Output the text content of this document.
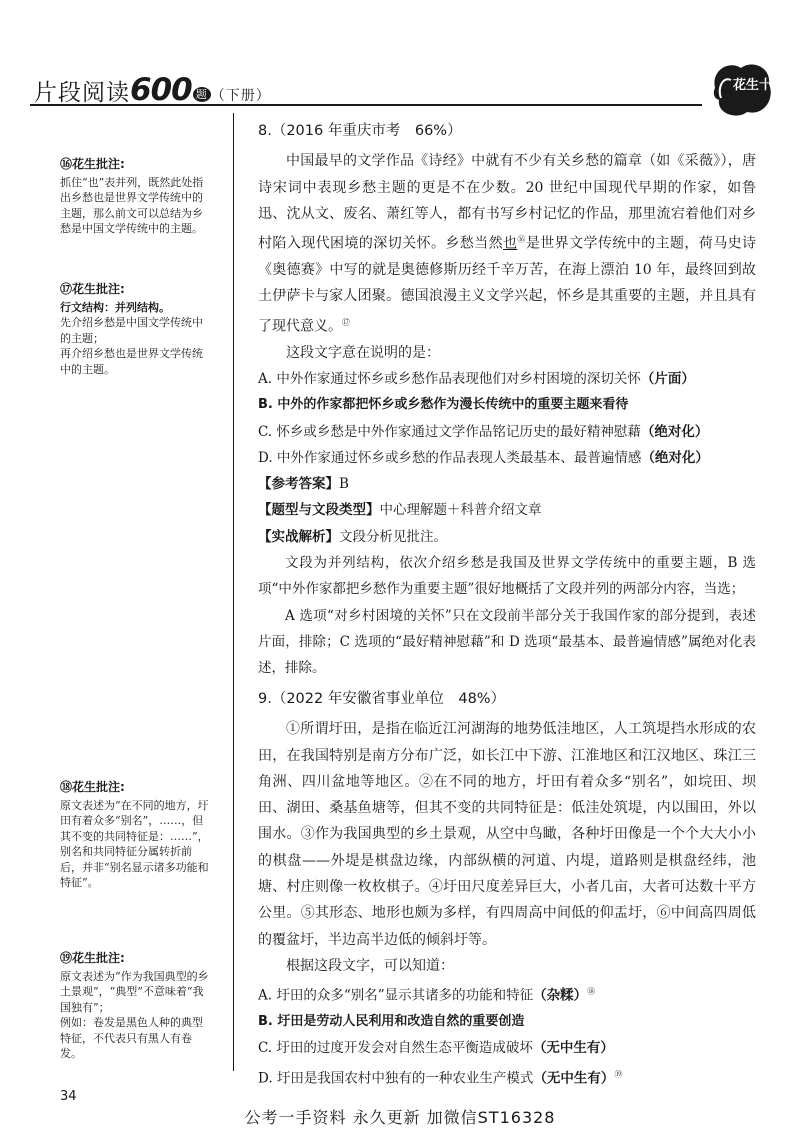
片段阅读600 题 （下册）
花生十三
⑯花生批注:

抓住“也”表并列，既然此处指出乡愁也是世界文学传统中的主题，那么前文可以总结为乡愁是中国文学传统中的主题。

⑰花生批注:

行文结构：并列结构。

先介绍乡愁是中国文学传统中的主题；

再介绍乡愁也是世界文学传统中的主题。

⑱花生批注:

原文表述为“在不同的地方，圩田有着众多“别名”，……，但其不变的共同特征是：……”，别名和共同特征分属转折前后，并非“别名显示诸多功能和特征”。

⑲花生批注:

原文表述为“作为我国典型的乡土景观”，“典型”不意味着“我国独有”；

例如：卷发是黑色人种的典型特征，不代表只有黑人有卷发。

8.（2016 年重庆市考　66%）

中国最早的文学作品《诗经》中就有不少有关乡愁的篇章（如《采薇》），唐诗宋词中表现乡愁主题的更是不在少数。20 世纪中国现代早期的作家，如鲁迅、沈从文、废名、萧红等人，都有书写乡村记忆的作品，那里流宕着他们对乡村陷入现代困境的深切关怀。乡愁当然也⑯是世界文学传统中的主题，荷马史诗《奥德赛》中写的就是奥德修斯历经千辛万苦，在海上漂泊 10 年，最终回到故土伊萨卡与家人团聚。德国浪漫主义文学兴起，怀乡是其重要的主题，并且具有了现代意义。⑰

这段文字意在说明的是：

A. 中外作家通过怀乡或乡愁作品表现他们对乡村困境的深切关怀（片面）

B. 中外的作家都把怀乡或乡愁作为漫长传统中的重要主题来看待

C. 怀乡或乡愁是中外作家通过文学作品铭记历史的最好精神慰藉（绝对化）

D. 中外作家通过怀乡或乡愁的作品表现人类最基本、最普遍情感（绝对化）

【参考答案】B

【题型与文段类型】中心理解题＋科普介绍文章

【实战解析】文段分析见批注。

文段为并列结构，依次介绍乡愁是我国及世界文学传统中的重要主题，B 选项“中外作家都把乡愁作为重要主题”很好地概括了文段并列的两部分内容，当选；

A 选项“对乡村困境的关怀”只在文段前半部分关于我国作家的部分提到，表述片面，排除；C 选项的“最好精神慰藉”和 D 选项“最基本、最普遍情感”属绝对化表述，排除。

9.（2022 年安徽省事业单位　48%）

①所谓圩田，是指在临近江河湖海的地势低洼地区，人工筑堤挡水形成的农田，在我国特别是南方分布广泛，如长江中下游、江淮地区和江汉地区、珠江三角洲、四川盆地等地区。②在不同的地方，圩田有着众多“别名”，如垸田、坝田、湖田、桑基鱼塘等，但其不变的共同特征是：低洼处筑堤，内以围田，外以围水。③作为我国典型的乡土景观，从空中鸟瞰，各种圩田像是一个个大大小小的棋盘——外堤是棋盘边缘，内部纵横的河道、内堤，道路则是棋盘经纬，池塘、村庄则像一枚枚棋子。④圩田尺度差异巨大，小者几亩，大者可达数十平方公里。⑤其形态、地形也颇为多样，有四周高中间低的仰盂圩，⑥中间高四周低的覆盆圩，半边高半边低的倾斜圩等。

根据这段文字，可以知道：

A. 圩田的众多“别名”显示其诸多的功能和特征（杂糅）⑱

B. 圩田是劳动人民利用和改造自然的重要创造

C. 圩田的过度开发会对自然生态平衡造成破坏（无中生有）

D. 圩田是我国农村中独有的一种农业生产模式（无中生有）⑲

34
公考一手资料 永久更新 加微信ST16328
